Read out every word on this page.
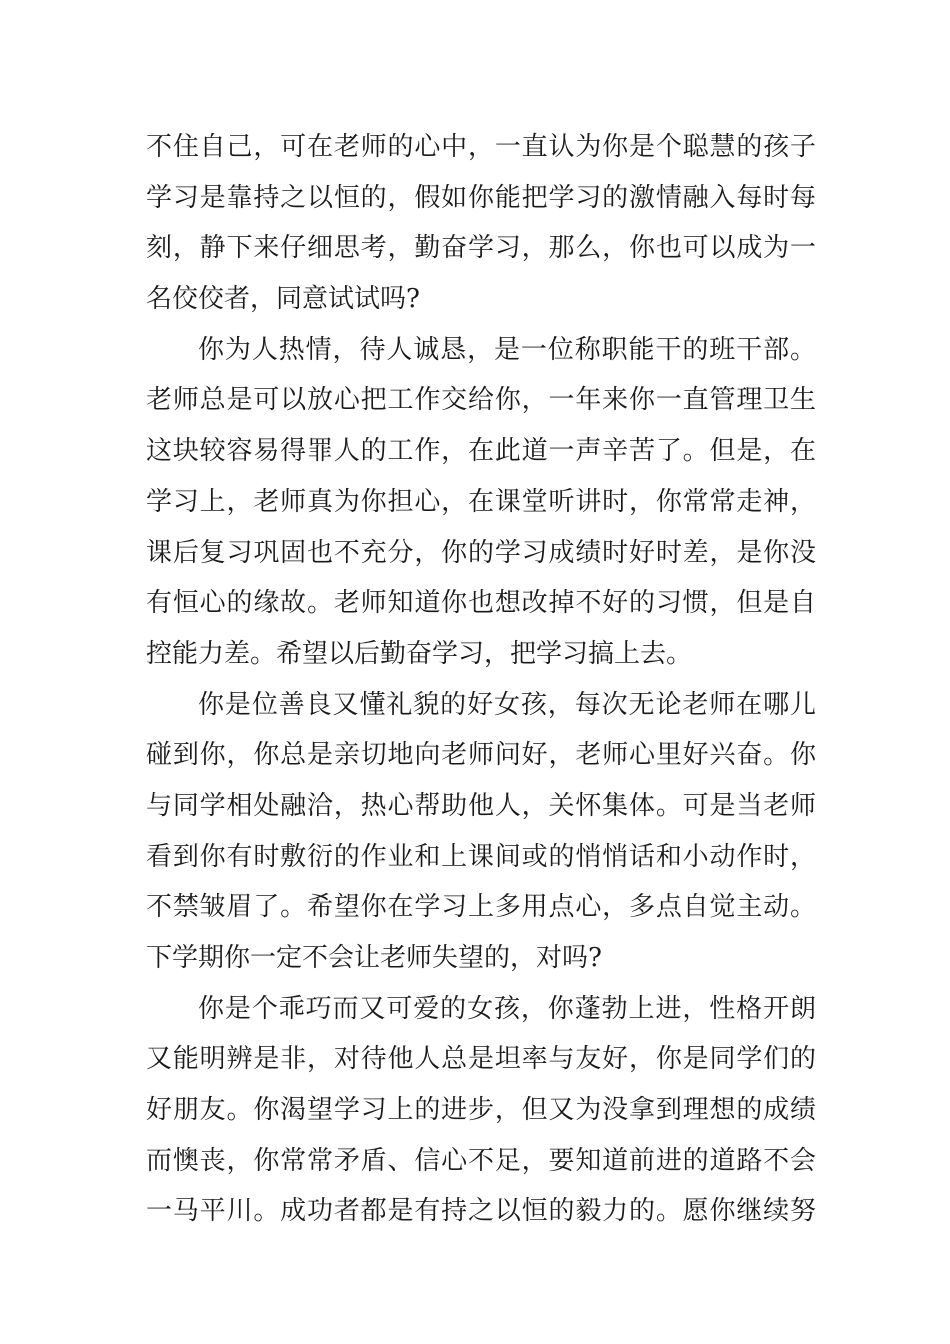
不住自己，可在老师的心中，一直认为你是个聪慧的孩子
学习是靠持之以恒的，假如你能把学习的激情融入每时每
刻，静下来仔细思考，勤奋学习，那么，你也可以成为一
名佼佼者，同意试试吗?
你为人热情，待人诚恳，是一位称职能干的班干部。
老师总是可以放心把工作交给你，一年来你一直管理卫生
这块较容易得罪人的工作，在此道一声辛苦了。但是，在
学习上，老师真为你担心，在课堂听讲时，你常常走神，
课后复习巩固也不充分，你的学习成绩时好时差，是你没
有恒心的缘故。老师知道你也想改掉不好的习惯，但是自
控能力差。希望以后勤奋学习，把学习搞上去。
你是位善良又懂礼貌的好女孩，每次无论老师在哪儿
碰到你，你总是亲切地向老师问好，老师心里好兴奋。你
与同学相处融洽，热心帮助他人，关怀集体。可是当老师
看到你有时敷衍的作业和上课间或的悄悄话和小动作时，
不禁皱眉了。希望你在学习上多用点心，多点自觉主动。
下学期你一定不会让老师失望的，对吗?
你是个乖巧而又可爱的女孩，你蓬勃上进，性格开朗
又能明辨是非，对待他人总是坦率与友好，你是同学们的
好朋友。你渴望学习上的进步，但又为没拿到理想的成绩
而懊丧，你常常矛盾、信心不足，要知道前进的道路不会
一马平川。成功者都是有持之以恒的毅力的。愿你继续努
